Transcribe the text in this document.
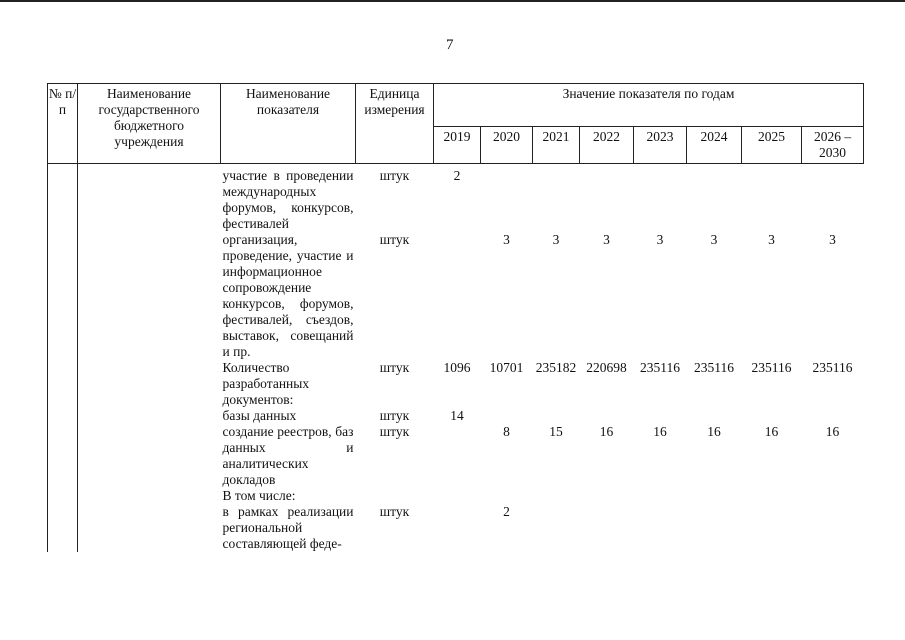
7
№ п/п	Наименование государственного бюджетного учреждения	Наименование показателя	Единица измерения	Значение показателя по годам							
				2019	2020	2021	2022	2023	2024	2025	2026 – 2030
		участие в проведении международных форумов, конкурсов, фестивалей	штук	2							
		организация, проведение, участие и информационное сопровождение конкурсов, форумов, фестивалей, съездов, выставок, совещаний и пр.	штук		3	3	3	3	3	3	3
		Количество разработанных документов:	штук	1096	10701	235182	220698	235116	235116	235116	235116
		базы данных	штук	14							
		создание реестров, баз данных и аналитических докладов	штук		8	15	16	16	16	16	16
		В том числе:									
		в рамках реализации региональной составляющей феде-	штук		2						
